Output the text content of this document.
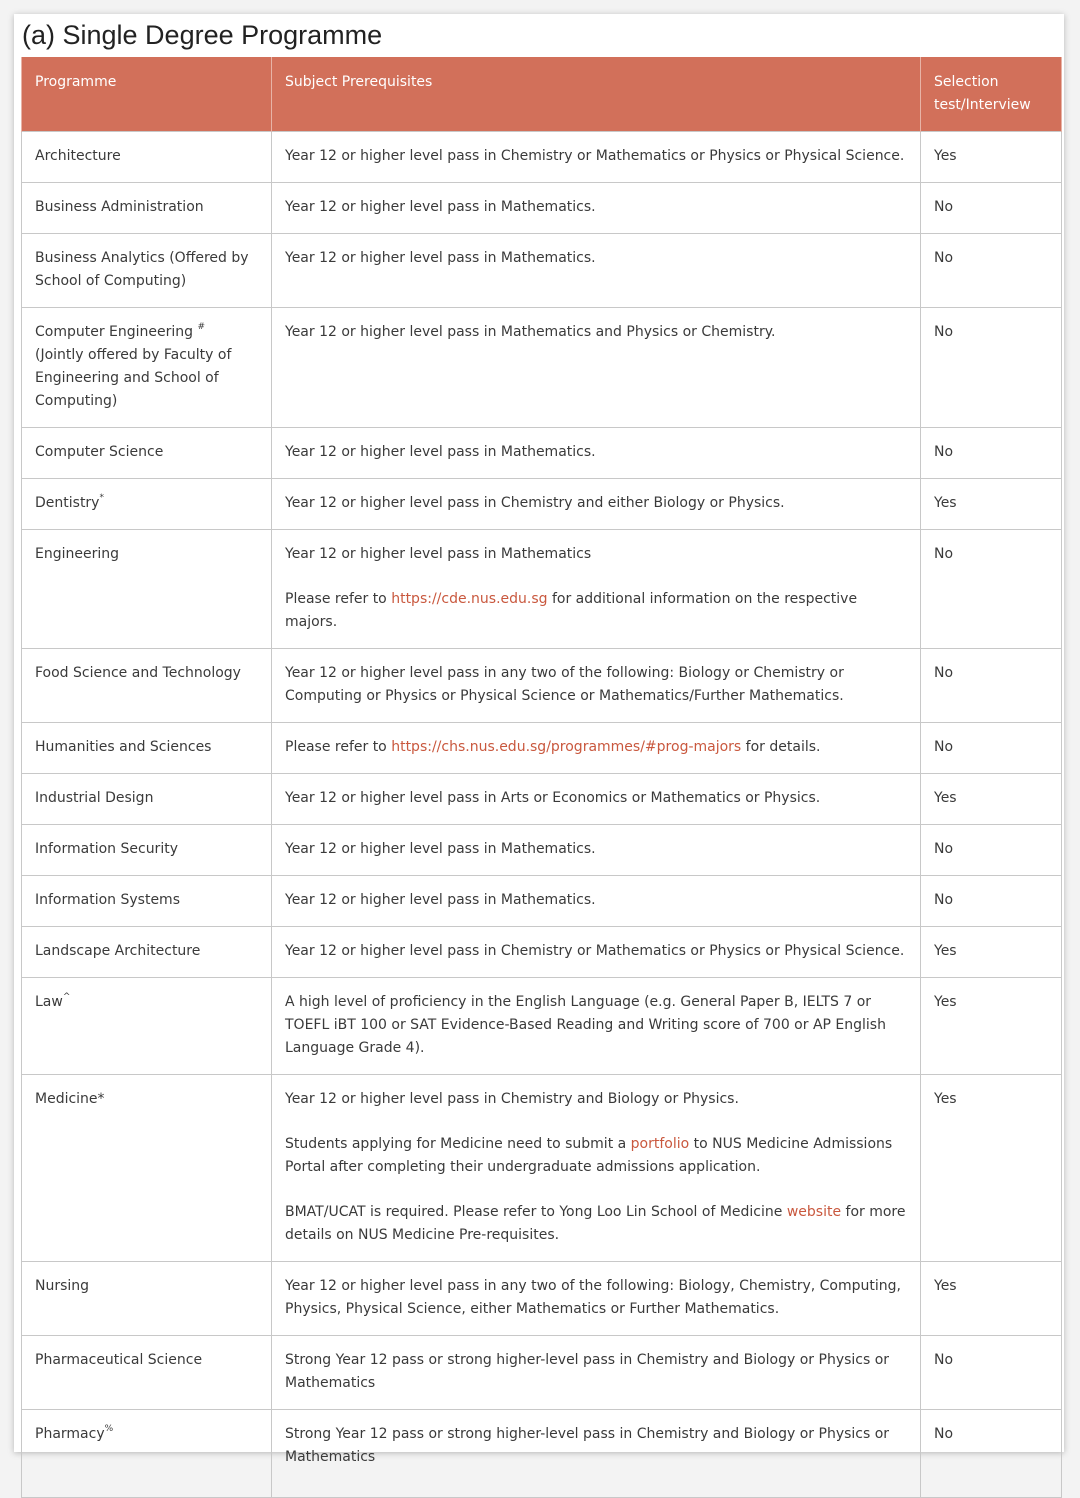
(a) Single Degree Programme
Programme	Subject Prerequisites	Selection test/Interview
Architecture	Year 12 or higher level pass in Chemistry or Mathematics or Physics or Physical Science.	Yes
Business Administration	Year 12 or higher level pass in Mathematics.	No
Business Analytics (Offered by School of Computing)	Year 12 or higher level pass in Mathematics.	No
Computer Engineering #
(Jointly offered by Faculty of Engineering and School of Computing)	Year 12 or higher level pass in Mathematics and Physics or Chemistry.	No
Computer Science	Year 12 or higher level pass in Mathematics.	No
Dentistry*	Year 12 or higher level pass in Chemistry and either Biology or Physics.	Yes
Engineering	Year 12 or higher level pass in Mathematics

Please refer to https://cde.nus.edu.sg for additional information on the respective majors.	No
Food Science and Technology	Year 12 or higher level pass in any two of the following: Biology or Chemistry or Computing or Physics or Physical Science or Mathematics/Further Mathematics.	No
Humanities and Sciences	Please refer to https://chs.nus.edu.sg/programmes/#prog-majors for details.	No
Industrial Design	Year 12 or higher level pass in Arts or Economics or Mathematics or Physics.	Yes
Information Security	Year 12 or higher level pass in Mathematics.	No
Information Systems	Year 12 or higher level pass in Mathematics.	No
Landscape Architecture	Year 12 or higher level pass in Chemistry or Mathematics or Physics or Physical Science.	Yes
Law^	A high level of proficiency in the English Language (e.g. General Paper B, IELTS 7 or TOEFL iBT 100 or SAT Evidence-Based Reading and Writing score of 700 or AP English Language Grade 4).	Yes
Medicine*	Year 12 or higher level pass in Chemistry and Biology or Physics.

Students applying for Medicine need to submit a portfolio to NUS Medicine Admissions Portal after completing their undergraduate admissions application.

BMAT/UCAT is required. Please refer to Yong Loo Lin School of Medicine website for more details on NUS Medicine Pre-requisites.	Yes
Nursing	Year 12 or higher level pass in any two of the following: Biology, Chemistry, Computing, Physics, Physical Science, either Mathematics or Further Mathematics.	Yes
Pharmaceutical Science	Strong Year 12 pass or strong higher-level pass in Chemistry and Biology or Physics or Mathematics	No
Pharmacy%	Strong Year 12 pass or strong higher-level pass in Chemistry and Biology or Physics or Mathematics	No
